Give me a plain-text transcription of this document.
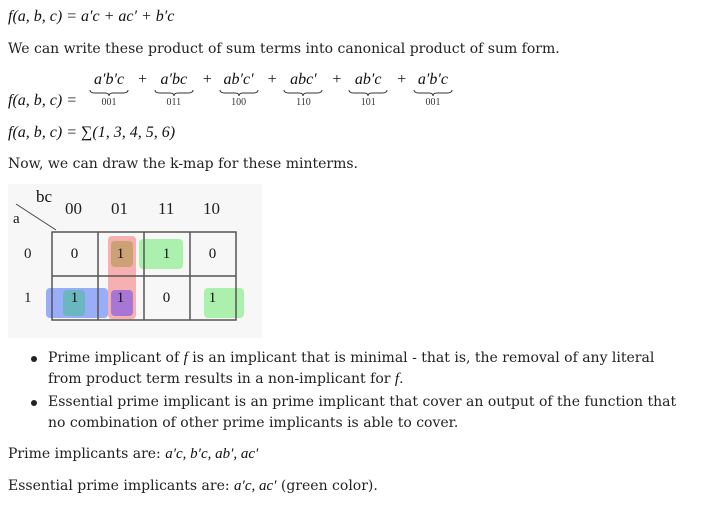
f(a, b, c) = a′c + ac′ + b′c
We can write these product of sum terms into canonical product of sum form.
f(a, b, c) = a′b′c
001
+ a′bc
011
+ ab′c′
100
+ abc′
110
+ ab′c
101
+ a′b′c
001
f(a, b, c) = ∑(1, 3, 4, 5, 6)
Now, we can draw the k-map for these minterms.
bc
a
00 01 11 10
0
1
0	1	1	0
1	1	0	1
Prime implicant of f is an implicant that is minimal - that is, the removal of any literal from product term results in a non-implicant for f.
Essential prime implicant is an prime implicant that cover an output of the function that no combination of other prime implicants is able to cover.
Prime implicants are: a′c, b′c, ab′, ac′
Essential prime implicants are: a′c, ac′ (green color).
